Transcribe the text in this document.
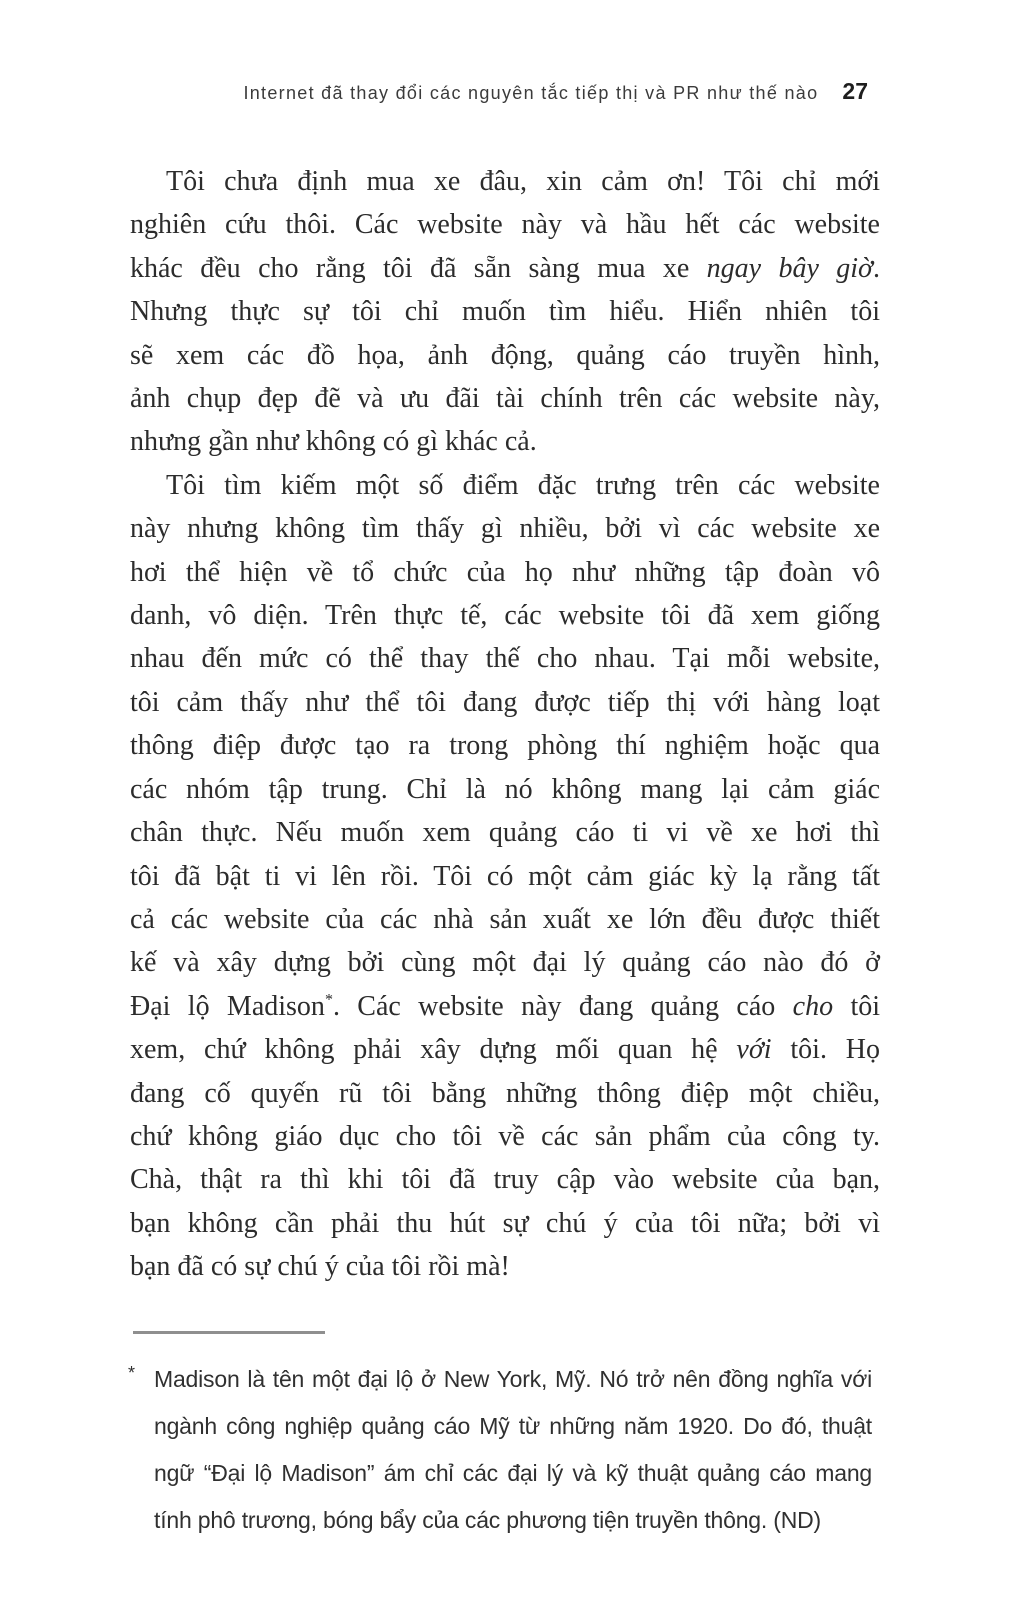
Internet đã thay đổi các nguyên tắc tiếp thị và PR như thế nào 27
Tôi chưa định mua xe đâu, xin cảm ơn! Tôi chỉ mới
nghiên cứu thôi. Các website này và hầu hết các website
khác đều cho rằng tôi đã sẵn sàng mua xe ngay bây giờ.
Nhưng thực sự tôi chỉ muốn tìm hiểu. Hiển nhiên tôi
sẽ xem các đồ họa, ảnh động, quảng cáo truyền hình,
ảnh chụp đẹp đẽ và ưu đãi tài chính trên các website này,
nhưng gần như không có gì khác cả.
Tôi tìm kiếm một số điểm đặc trưng trên các website
này nhưng không tìm thấy gì nhiều, bởi vì các website xe
hơi thể hiện về tổ chức của họ như những tập đoàn vô
danh, vô diện. Trên thực tế, các website tôi đã xem giống
nhau đến mức có thể thay thế cho nhau. Tại mỗi website,
tôi cảm thấy như thể tôi đang được tiếp thị với hàng loạt
thông điệp được tạo ra trong phòng thí nghiệm hoặc qua
các nhóm tập trung. Chỉ là nó không mang lại cảm giác
chân thực. Nếu muốn xem quảng cáo ti vi về xe hơi thì
tôi đã bật ti vi lên rồi. Tôi có một cảm giác kỳ lạ rằng tất
cả các website của các nhà sản xuất xe lớn đều được thiết
kế và xây dựng bởi cùng một đại lý quảng cáo nào đó ở
Đại lộ Madison*. Các website này đang quảng cáo cho tôi
xem, chứ không phải xây dựng mối quan hệ với tôi. Họ
đang cố quyến rũ tôi bằng những thông điệp một chiều,
chứ không giáo dục cho tôi về các sản phẩm của công ty.
Chà, thật ra thì khi tôi đã truy cập vào website của bạn,
bạn không cần phải thu hút sự chú ý của tôi nữa; bởi vì
bạn đã có sự chú ý của tôi rồi mà!
* Madison là tên một đại lộ ở New York, Mỹ. Nó trở nên đồng nghĩa với
ngành công nghiệp quảng cáo Mỹ từ những năm 1920. Do đó, thuật
ngữ “Đại lộ Madison” ám chỉ các đại lý và kỹ thuật quảng cáo mang
tính phô trương, bóng bẩy của các phương tiện truyền thông. (ND)
